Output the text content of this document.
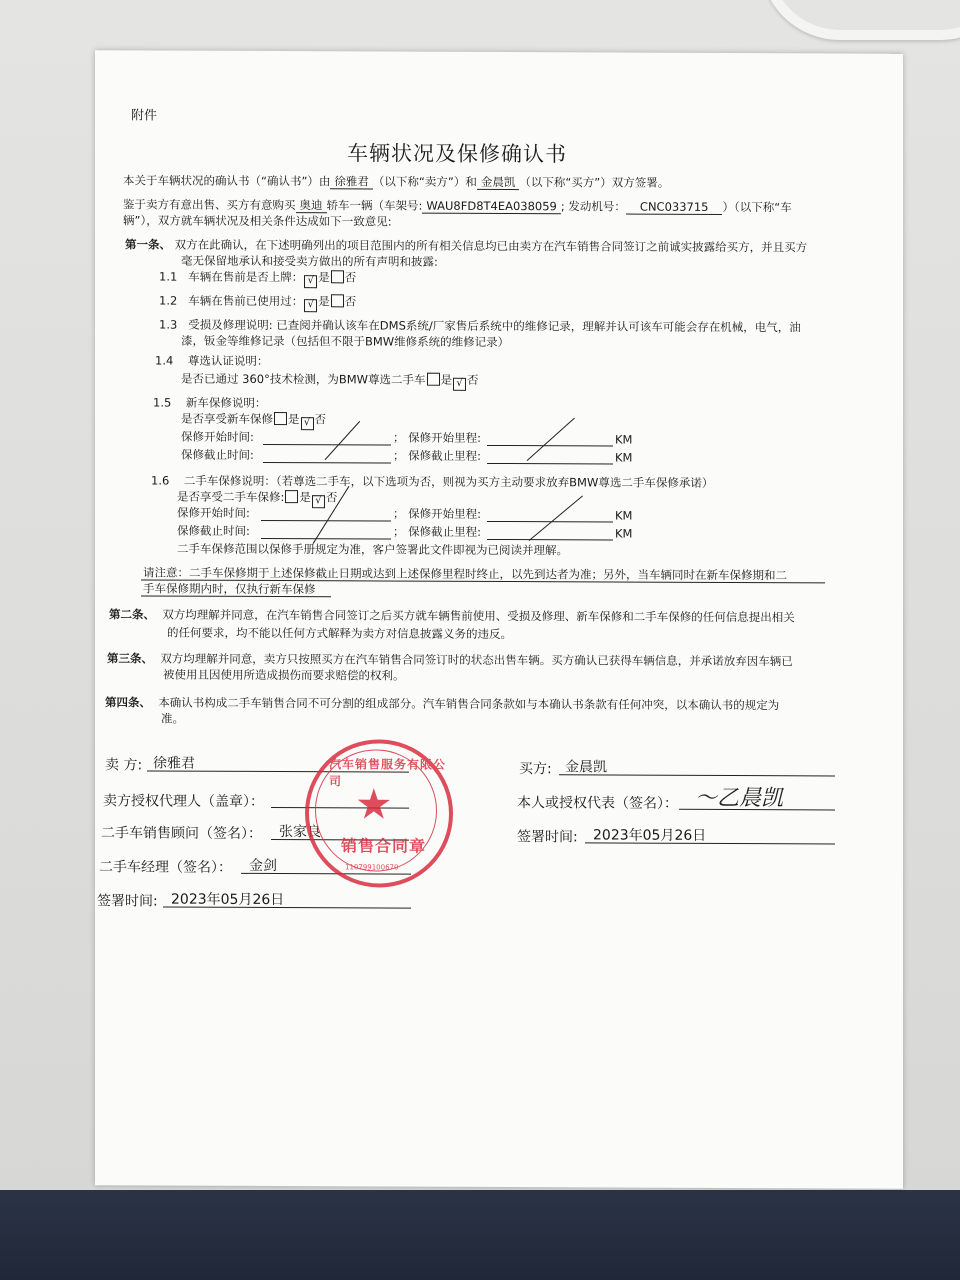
附件
车辆状况及保修确认书
本关于车辆状况的确认书（“确认书”）由 徐雅君 （以下称“卖方”）和 金晨凯 （以下称“买方”）双方签署。
鉴于卖方有意出售、买方有意购买 奥迪 轿车一辆（车架号: WAU8FD8T4EA038059 ; 发动机号： CNC033715 ）（以下称“车
辆”），双方就车辆状况及相关条件达成如下一致意见:
第一条、 双方在此确认，在下述明确列出的项目范围内的所有相关信息均已由卖方在汽车销售合同签订之前诚实披露给买方，并且买方
毫无保留地承认和接受卖方做出的所有声明和披露:
1.1 车辆在售前是否上牌： √ 是 否
1.2 车辆在售前已使用过： √ 是 否
1.3 受损及修理说明: 已查阅并确认该车在DMS系统/厂家售后系统中的维修记录，理解并认可该车可能会存在机械，电气，油
漆，钣金等维修记录（包括但不限于BMW维修系统的维修记录）
1.4 尊选认证说明：
是否已通过 360°技术检测，为BMW尊选二手车 是 √ 否
1.5 新车保修说明：
是否享受新车保修 是 √ 否
保修开始时间:	； 保修开始里程:	KM
保修截止时间:	； 保修截止里程:	KM
1.6 二手车保修说明：（若尊选二手车，以下选项为否，则视为买方主动要求放弃BMW尊选二手车保修承诺）
是否享受二手车保修: 是 √ 否
保修开始时间:	； 保修开始里程:	KM
保修截止时间:	； 保修截止里程:	KM
二手车保修范围以保修手册规定为准，客户签署此文件即视为已阅读并理解。
请注意：二手车保修期于上述保修截止日期或达到上述保修里程时终止，以先到达者为准；另外，当车辆同时在新车保修期和二
手车保修期内时，仅执行新车保修
第二条、 双方均理解并同意，在汽车销售合同签订之后买方就车辆售前使用、受损及修理、新车保修和二手车保修的任何信息提出相关
的任何要求，均不能以任何方式解释为卖方对信息披露义务的违反。
第三条、 双方均理解并同意，卖方只按照买方在汽车销售合同签订时的状态出售车辆。买方确认已获得车辆信息，并承诺放弃因车辆已
被使用且因使用所造成损伤而要求赔偿的权利。
第四条、 本确认书构成二手车销售合同不可分割的组成部分。汽车销售合同条款如与本确认书条款有任何冲突，以本确认书的规定为
准。
卖 方: 徐雅君
卖方授权代理人（盖章）：
二手车销售顾问（签名）： 张家良
二手车经理（签名）： 金剑
签署时间: 2023年05月26日
买方: 金晨凯
本人或授权代表（签名）： 〜乙晨凯
签署时间: 2023年05月26日
汽车销售服务有限公司 ★
销售合同章
110799100670
